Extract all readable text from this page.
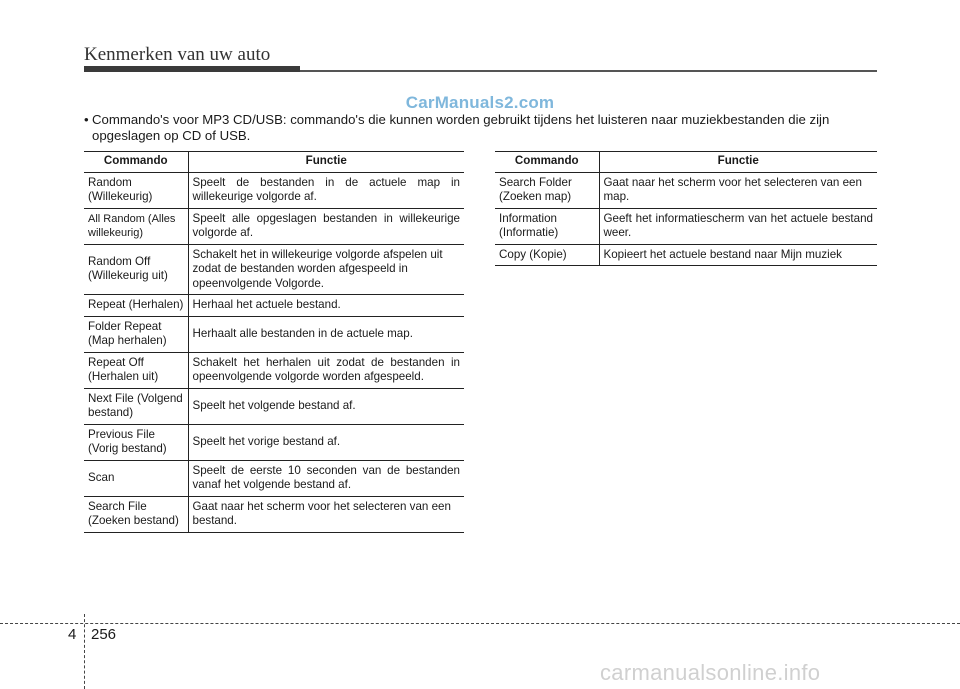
Kenmerken van uw auto
CarManuals2.com
• Commando's voor MP3 CD/USB: commando's die kunnen worden gebruikt tijdens het luisteren naar muziekbestanden die zijn
opgeslagen op CD of USB.
Commando	Functie
Random (Willekeurig)	Speelt de bestanden in de actuele map in willekeurige volgorde af.
All Random (Alles willekeurig)	Speelt alle opgeslagen bestanden in willekeurige volgorde af.
Random Off (Willekeurig uit)	Schakelt het in willekeurige volgorde afspelen uit zodat de bestanden worden afgespeeld in opeenvolgende Volgorde.
Repeat (Herhalen)	Herhaal het actuele bestand.
Folder Repeat (Map herhalen)	Herhaalt alle bestanden in de actuele map.
Repeat Off (Herhalen uit)	Schakelt het herhalen uit zodat de bestanden in opeenvolgende volgorde worden afgespeeld.
Next File (Volgend bestand)	Speelt het volgende bestand af.
Previous File (Vorig bestand)	Speelt het vorige bestand af.
Scan	Speelt de eerste 10 seconden van de bestanden vanaf het volgende bestand af.
Search File (Zoeken bestand)	Gaat naar het scherm voor het selecteren van een bestand.
Commando	Functie
Search Folder (Zoeken map)	Gaat naar het scherm voor het selecteren van een map.
Information (Informatie)	Geeft het informatiescherm van het actuele bestand weer.
Copy (Kopie)	Kopieert het actuele bestand naar Mijn muziek
4 256
carmanualsonline.info
